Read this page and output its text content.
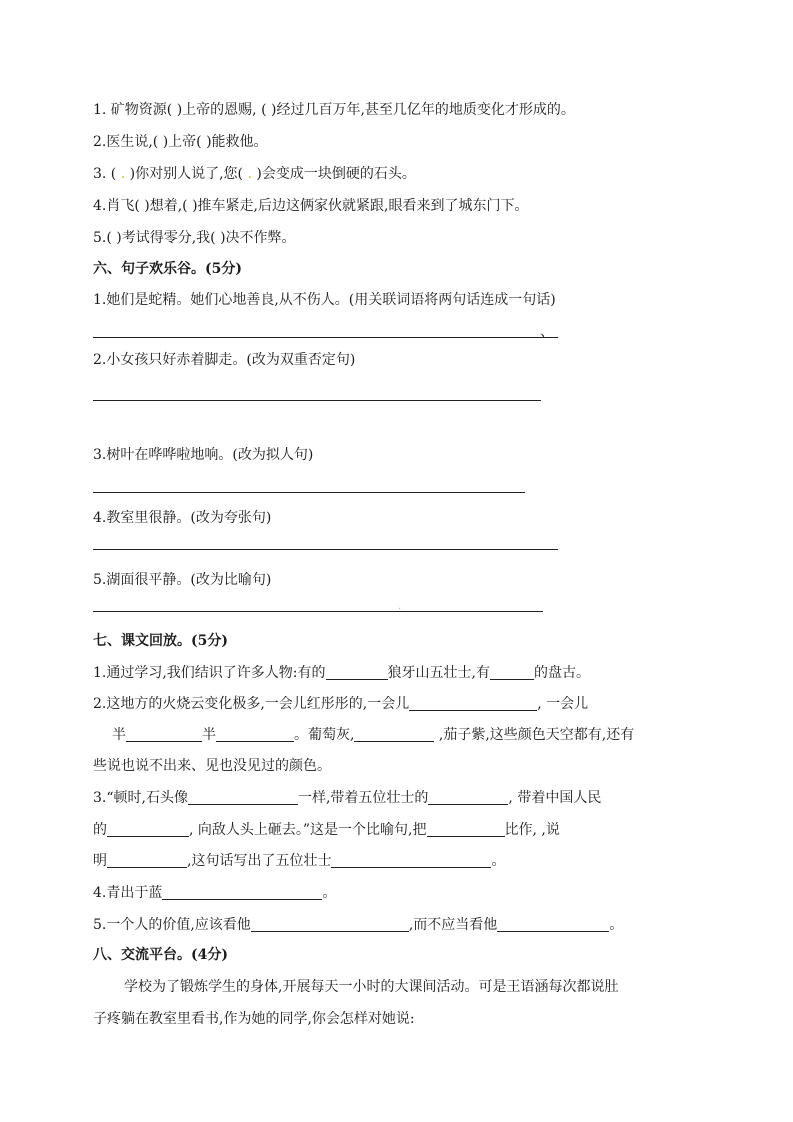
1. 矿物资源( )上帝的恩赐, ( )经过几百万年,甚至几亿年的地质变化才形成的。
2.医生说,( )上帝( )能救他。
3. ( . )你对别人说了,您( . )会变成一块倒硬的石头。
4.肖飞( )想着,( )推车紧走,后边这俩家伙就紧跟,眼看来到了城东门下。
5.( )考试得零分,我( )决不作弊。
六、句子欢乐谷。(5分)
1.她们是蛇精。她们心地善良,从不伤人。(用关联词语将两句话连成一句话)
、
2.小女孩只好赤着脚走。(改为双重否定句)
3.树叶在哗哗啦地响。(改为拟人句)
4.教室里很静。(改为夸张句)
5.湖面很平静。(改为比喻句)
.
七、课文回放。(5分)
1.通过学习,我们结识了许多人物:有的	狼牙山五壮士,有	的盘古。
2.这地方的火烧云变化极多,一会儿红彤彤的,一会儿	, 一会儿
半	半	。葡萄灰,	,茄子紫,这些颜色天空都有,还有
些说也说不出来、见也没见过的颜色。
3.“顿时,石头像	一样,带着五位壮士的	, 带着中国人民
的	, 向敌人头上砸去。”这是一个比喻句,把	比作, ,说
明	,这句话写出了五位壮士	。
4.青出于蓝	。
5.一个人的价值,应该看他	,而不应当看他	。
八、交流平台。(4分)
学校为了锻炼学生的身体,开展每天一小时的大课间活动。可是王语涵每次都说肚
子疼躺在教室里看书,作为她的同学,你会怎样对她说:
